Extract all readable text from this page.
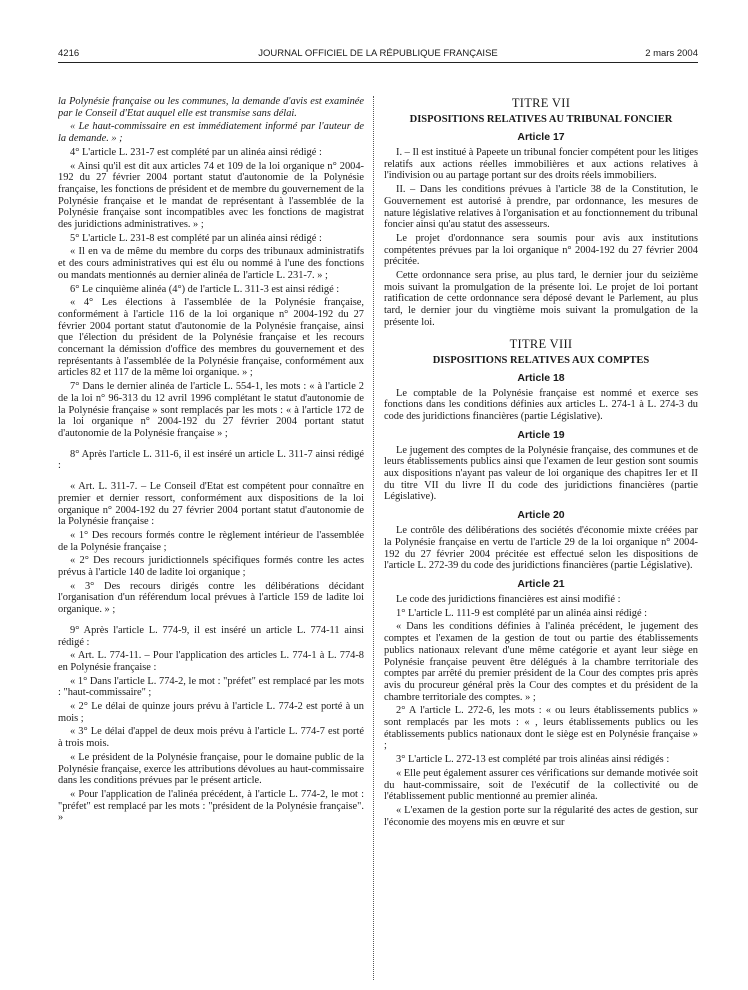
4216	JOURNAL OFFICIEL DE LA RÉPUBLIQUE FRANÇAISE	2 mars 2004

la Polynésie française ou les communes, la demande d'avis est examinée par le Conseil d'Etat auquel elle est transmise sans délai.

« Le haut-commissaire en est immédiatement informé par l'auteur de la demande. » ;

4° L'article L. 231-7 est complété par un alinéa ainsi rédigé :

« Ainsi qu'il est dit aux articles 74 et 109 de la loi organique n° 2004-192 du 27 février 2004 portant statut d'autonomie de la Polynésie française, les fonctions de président et de membre du gouvernement de la Polynésie française et le mandat de représentant à l'assemblée de la Polynésie française sont incompatibles avec les fonctions de magistrat des juridictions administratives. » ;

5° L'article L. 231-8 est complété par un alinéa ainsi rédigé :

« Il en va de même du membre du corps des tribunaux administratifs et des cours administratives qui est élu ou nommé à l'une des fonctions ou mandats mentionnés au dernier alinéa de l'article L. 231-7. » ;

6° Le cinquième alinéa (4°) de l'article L. 311-3 est ainsi rédigé :

« 4° Les élections à l'assemblée de la Polynésie française, conformément à l'article 116 de la loi organique n° 2004-192 du 27 février 2004 portant statut d'autonomie de la Polynésie française, ainsi que l'élection du président de la Polynésie française et les recours concernant la démission d'office des membres du gouvernement et des représentants à l'assemblée de la Polynésie française, conformément aux articles 82 et 117 de la même loi organique. » ;

7° Dans le dernier alinéa de l'article L. 554-1, les mots : « à l'article 2 de la loi n° 96-313 du 12 avril 1996 complétant le statut d'autonomie de la Polynésie française » sont remplacés par les mots : « à l'article 172 de la loi organique n° 2004-192 du 27 février 2004 portant statut d'autonomie de la Polynésie française » ;

8° Après l'article L. 311-6, il est inséré un article L. 311-7 ainsi rédigé :

« Art. L. 311-7. – Le Conseil d'Etat est compétent pour connaître en premier et dernier ressort, conformément aux dispositions de la loi organique n° 2004-192 du 27 février 2004 portant statut d'autonomie de la Polynésie française :

« 1° Des recours formés contre le règlement intérieur de l'assemblée de la Polynésie française ;

« 2° Des recours juridictionnels spécifiques formés contre les actes prévus à l'article 140 de ladite loi organique ;

« 3° Des recours dirigés contre les délibérations décidant l'organisation d'un référendum local prévues à l'article 159 de ladite loi organique. » ;

9° Après l'article L. 774-9, il est inséré un article L. 774-11 ainsi rédigé :

« Art. L. 774-11. – Pour l'application des articles L. 774-1 à L. 774-8 en Polynésie française :

« 1° Dans l'article L. 774-2, le mot : "préfet" est remplacé par les mots : "haut-commissaire" ;

« 2° Le délai de quinze jours prévu à l'article L. 774-2 est porté à un mois ;

« 3° Le délai d'appel de deux mois prévu à l'article L. 774-7 est porté à trois mois.

« Le président de la Polynésie française, pour le domaine public de la Polynésie française, exerce les attributions dévolues au haut-commissaire dans les conditions prévues par le présent article.

« Pour l'application de l'alinéa précédent, à l'article L. 774-2, le mot : "préfet" est remplacé par les mots : "président de la Polynésie française". »

TITRE VII
DISPOSITIONS RELATIVES AU TRIBUNAL FONCIER
Article 17

I. – Il est institué à Papeete un tribunal foncier compétent pour les litiges relatifs aux actions réelles immobilières et aux actions relatives à l'indivision ou au partage portant sur des droits réels immobiliers.

II. – Dans les conditions prévues à l'article 38 de la Constitution, le Gouvernement est autorisé à prendre, par ordonnance, les mesures de nature législative relatives à l'organisation et au fonctionnement du tribunal foncier ainsi qu'au statut des assesseurs.

Le projet d'ordonnance sera soumis pour avis aux institutions compétentes prévues par la loi organique n° 2004-192 du 27 février 2004 précitée.

Cette ordonnance sera prise, au plus tard, le dernier jour du seizième mois suivant la promulgation de la présente loi. Le projet de loi portant ratification de cette ordonnance sera déposé devant le Parlement, au plus tard, le dernier jour du vingtième mois suivant la promulgation de la présente loi.

TITRE VIII
DISPOSITIONS RELATIVES AUX COMPTES
Article 18

Le comptable de la Polynésie française est nommé et exerce ses fonctions dans les conditions définies aux articles L. 274-1 à L. 274-3 du code des juridictions financières (partie Législative).

Article 19

Le jugement des comptes de la Polynésie française, des communes et de leurs établissements publics ainsi que l'examen de leur gestion sont soumis aux dispositions n'ayant pas valeur de loi organique des chapitres Ier et II du titre VII du livre II du code des juridictions financières (partie Législative).

Article 20

Le contrôle des délibérations des sociétés d'économie mixte créées par la Polynésie française en vertu de l'article 29 de la loi organique n° 2004-192 du 27 février 2004 précitée est effectué selon les dispositions de l'article L. 272-39 du code des juridictions financières (partie Législative).

Article 21

Le code des juridictions financières est ainsi modifié :

1° L'article L. 111-9 est complété par un alinéa ainsi rédigé :

« Dans les conditions définies à l'alinéa précédent, le jugement des comptes et l'examen de la gestion de tout ou partie des établissements publics nationaux relevant d'une même catégorie et ayant leur siège en Polynésie française peuvent être délégués à la chambre territoriale des comptes par arrêté du premier président de la Cour des comptes pris après avis du procureur général près la Cour des comptes et du président de la chambre territoriale des comptes. » ;

2° A l'article L. 272-6, les mots : « ou leurs établissements publics » sont remplacés par les mots : « , leurs établissements publics ou les établissements publics nationaux dont le siège est en Polynésie française » ;

3° L'article L. 272-13 est complété par trois alinéas ainsi rédigés :

« Elle peut également assurer ces vérifications sur demande motivée soit du haut-commissaire, soit de l'exécutif de la collectivité ou de l'établissement public mentionné au premier alinéa.

« L'examen de la gestion porte sur la régularité des actes de gestion, sur l'économie des moyens mis en œuvre et sur
